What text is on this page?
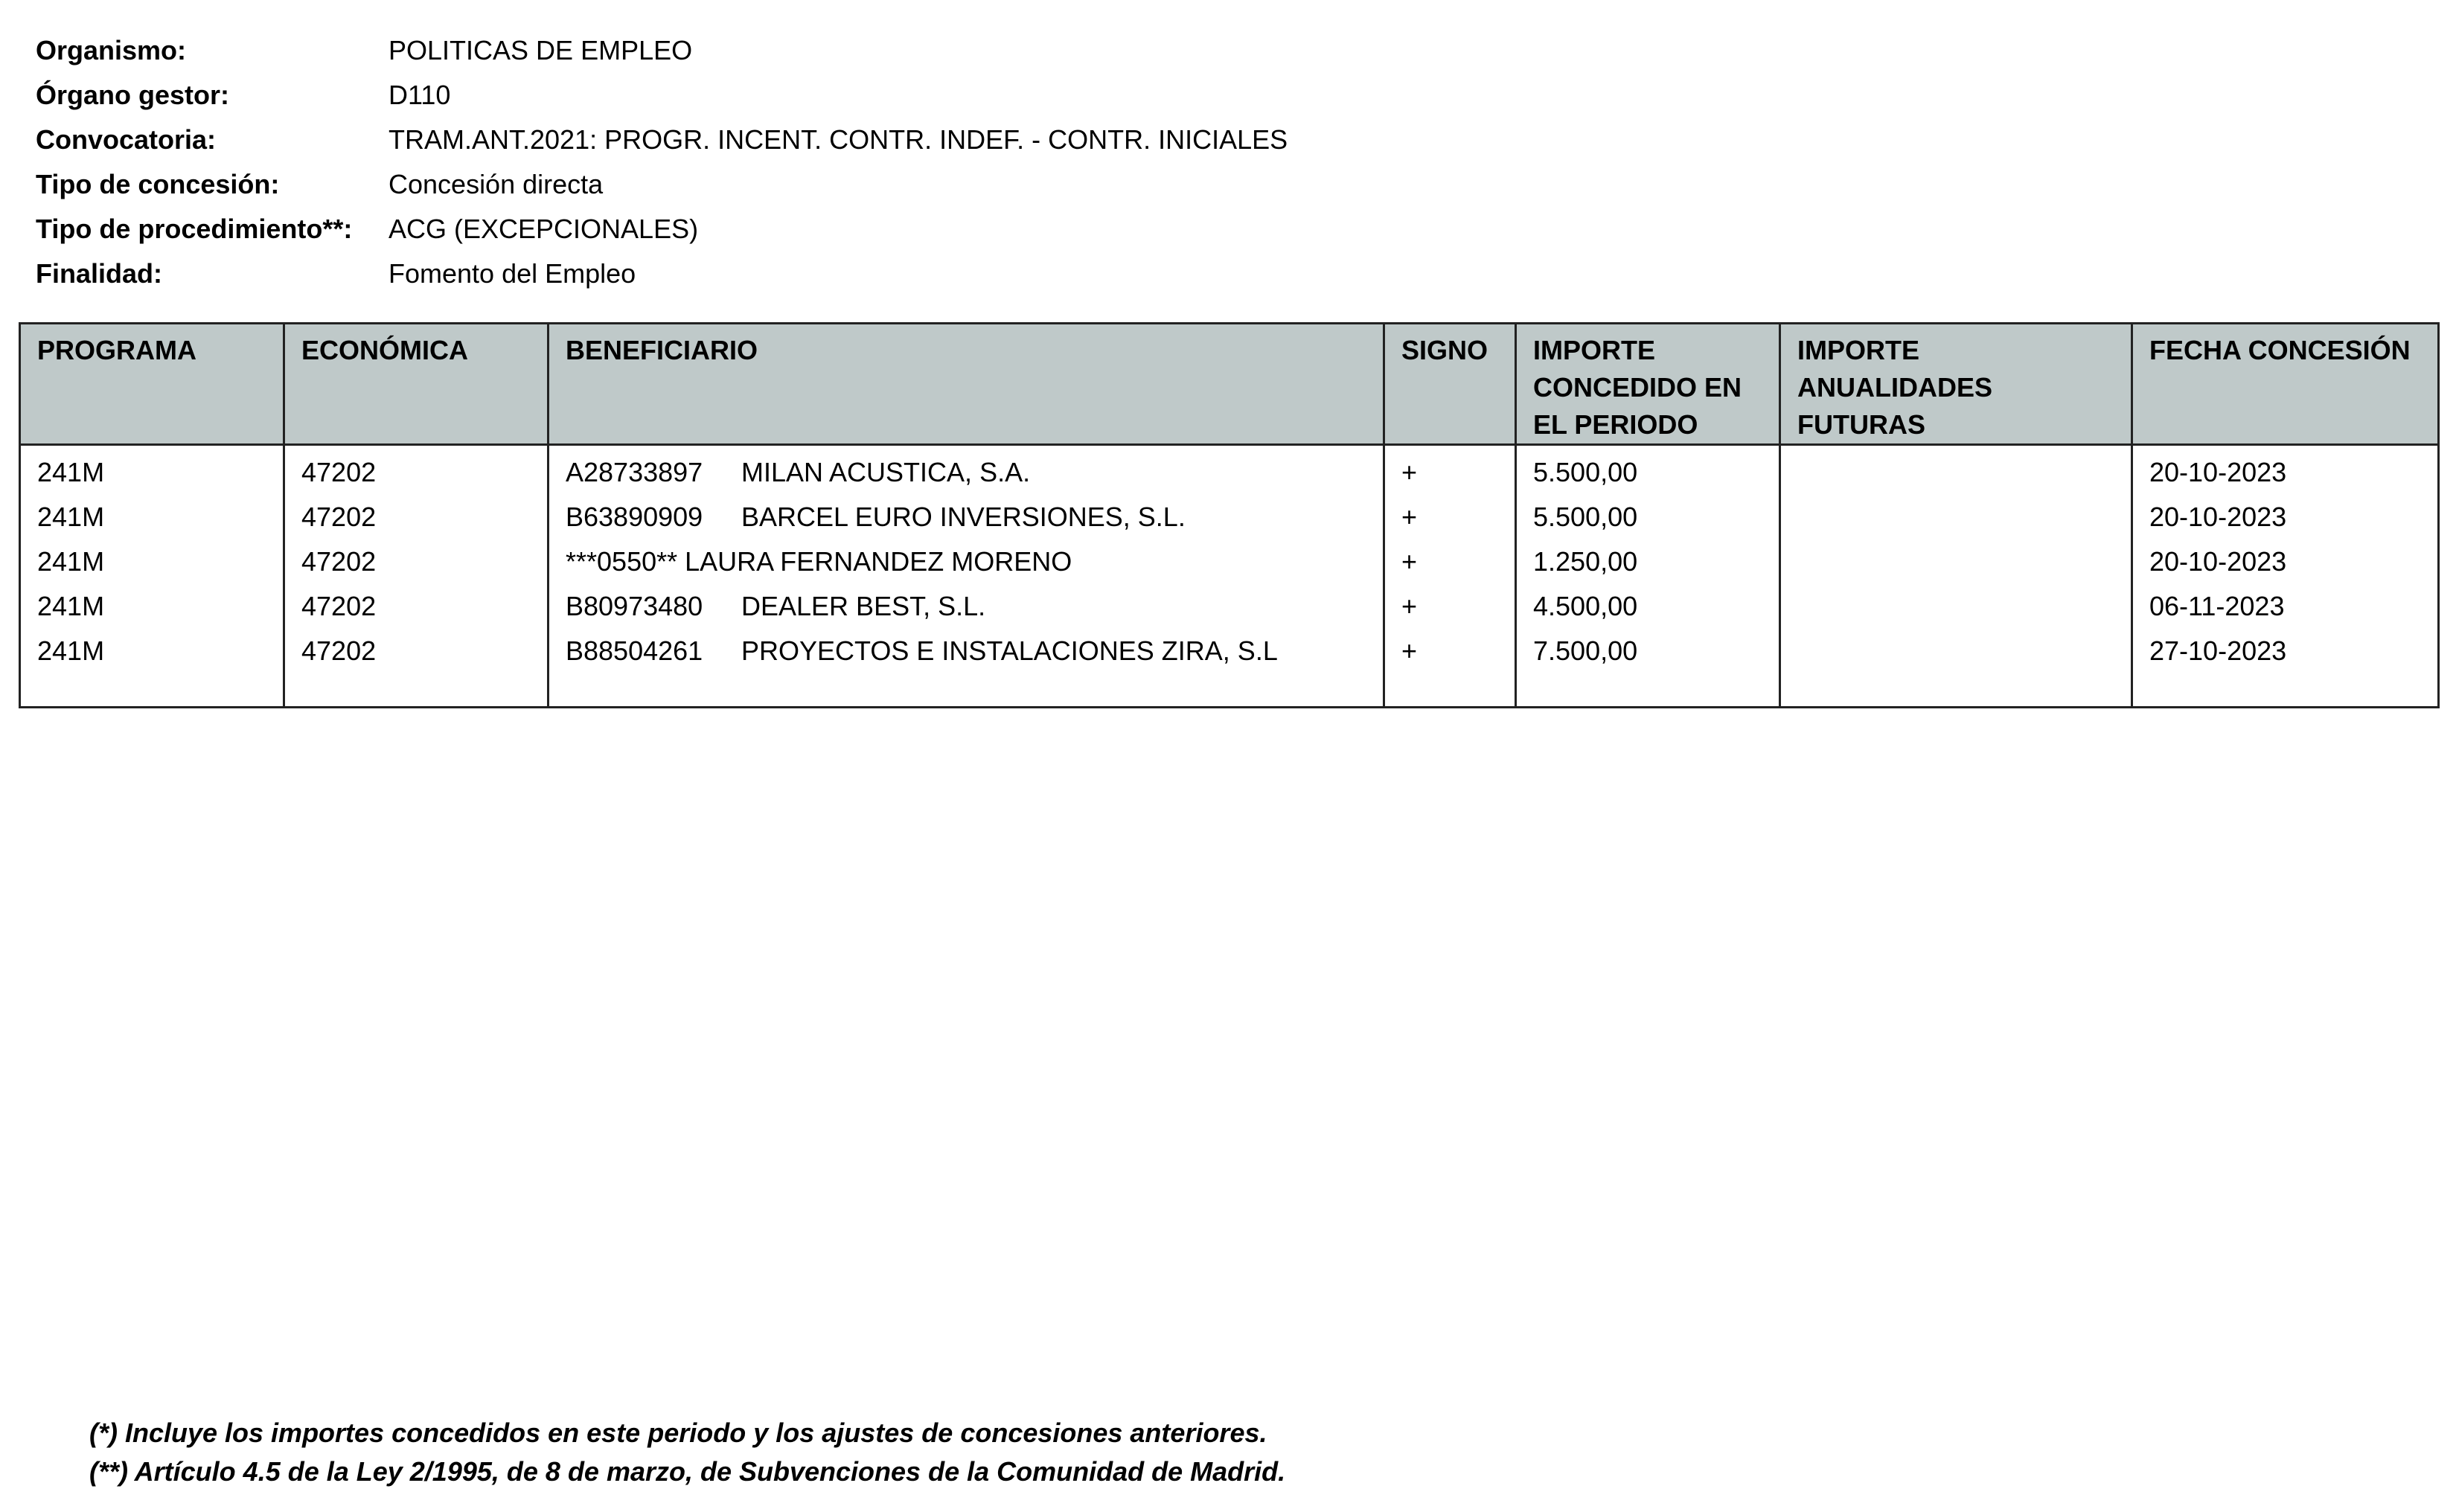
Organismo:	POLITICAS DE EMPLEO
Órgano gestor:	D110
Convocatoria:	TRAM.ANT.2021: PROGR. INCENT. CONTR. INDEF. - CONTR. INICIALES
Tipo de concesión:	Concesión directa
Tipo de procedimiento**:	ACG (EXCEPCIONALES)
Finalidad:	Fomento del Empleo
PROGRAMA	ECONÓMICA	BENEFICIARIO	SIGNO	IMPORTE CONCEDIDO EN EL PERIODO	IMPORTE ANUALIDADES FUTURAS	FECHA CONCESIÓN
241M	47202	A28733897 MILAN ACUSTICA, S.A.	+	5.500,00		20-10-2023
241M	47202	B63890909 BARCEL EURO INVERSIONES, S.L.	+	5.500,00		20-10-2023
241M	47202	***0550** LAURA FERNANDEZ MORENO	+	1.250,00		20-10-2023
241M	47202	B80973480 DEALER BEST, S.L.	+	4.500,00		06-11-2023
241M	47202	B88504261 PROYECTOS E INSTALACIONES ZIRA, S.L	+	7.500,00		27-10-2023

(*) Incluye los importes concedidos en este periodo y los ajustes de concesiones anteriores.
(**) Artículo 4.5 de la Ley 2/1995, de 8 de marzo, de Subvenciones de la Comunidad de Madrid.
